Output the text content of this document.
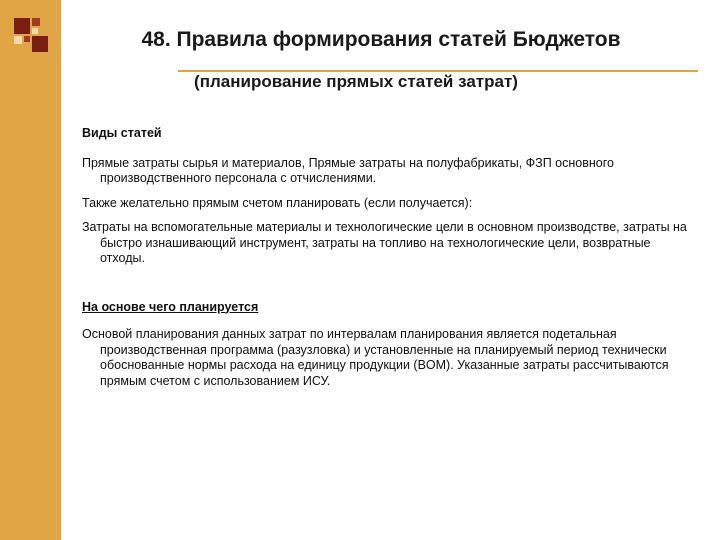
48. Правила формирования статей Бюджетов
(планирование прямых статей затрат)

Виды статей

Прямые затраты сырья и материалов, Прямые затраты на полуфабрикаты, ФЗП основного производственного персонала с отчислениями.

Также желательно прямым счетом планировать (если получается):

Затраты на вспомогательные материалы и технологические цели в основном производстве, затраты на быстро изнашивающий инструмент, затраты на топливо на технологические цели, возвратные отходы.

На основе чего планируется

Основой планирования данных затрат по интервалам планирования является подетальная производственная программа (разузловка) и установленные на планируемый период технически обоснованные нормы расхода на единицу продукции (BOM). Указанные затраты рассчитываются прямым счетом с использованием ИСУ.
